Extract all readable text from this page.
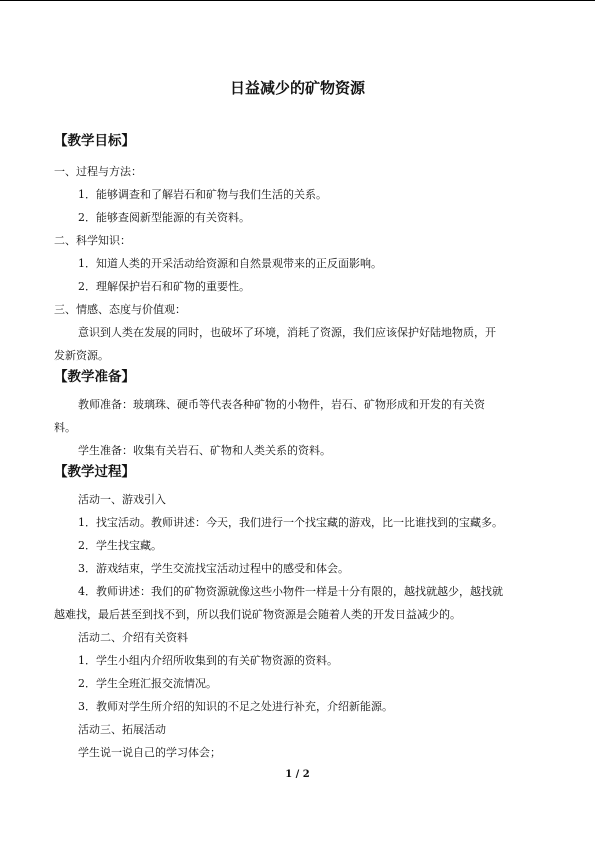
日益减少的矿物资源
【教学目标】
一、过程与方法：
1．能够调查和了解岩石和矿物与我们生活的关系。
2．能够查阅新型能源的有关资料。
二、科学知识：
1．知道人类的开采活动给资源和自然景观带来的正反面影响。
2．理解保护岩石和矿物的重要性。
三、情感、态度与价值观：
意识到人类在发展的同时，也破坏了环境，消耗了资源，我们应该保护好陆地物质，开
发新资源。
【教学准备】
教师准备：玻璃珠、硬币等代表各种矿物的小物件，岩石、矿物形成和开发的有关资
料。
学生准备：收集有关岩石、矿物和人类关系的资料。
【教学过程】
活动一、游戏引入
1．找宝活动。教师讲述：今天，我们进行一个找宝藏的游戏，比一比谁找到的宝藏多。
2．学生找宝藏。
3．游戏结束，学生交流找宝活动过程中的感受和体会。
4．教师讲述：我们的矿物资源就像这些小物件一样是十分有限的，越找就越少，越找就
越难找，最后甚至到找不到，所以我们说矿物资源是会随着人类的开发日益减少的。
活动二、介绍有关资料
1．学生小组内介绍所收集到的有关矿物资源的资料。
2．学生全班汇报交流情况。
3．教师对学生所介绍的知识的不足之处进行补充，介绍新能源。
活动三、拓展活动
学生说一说自己的学习体会；
1 / 2
